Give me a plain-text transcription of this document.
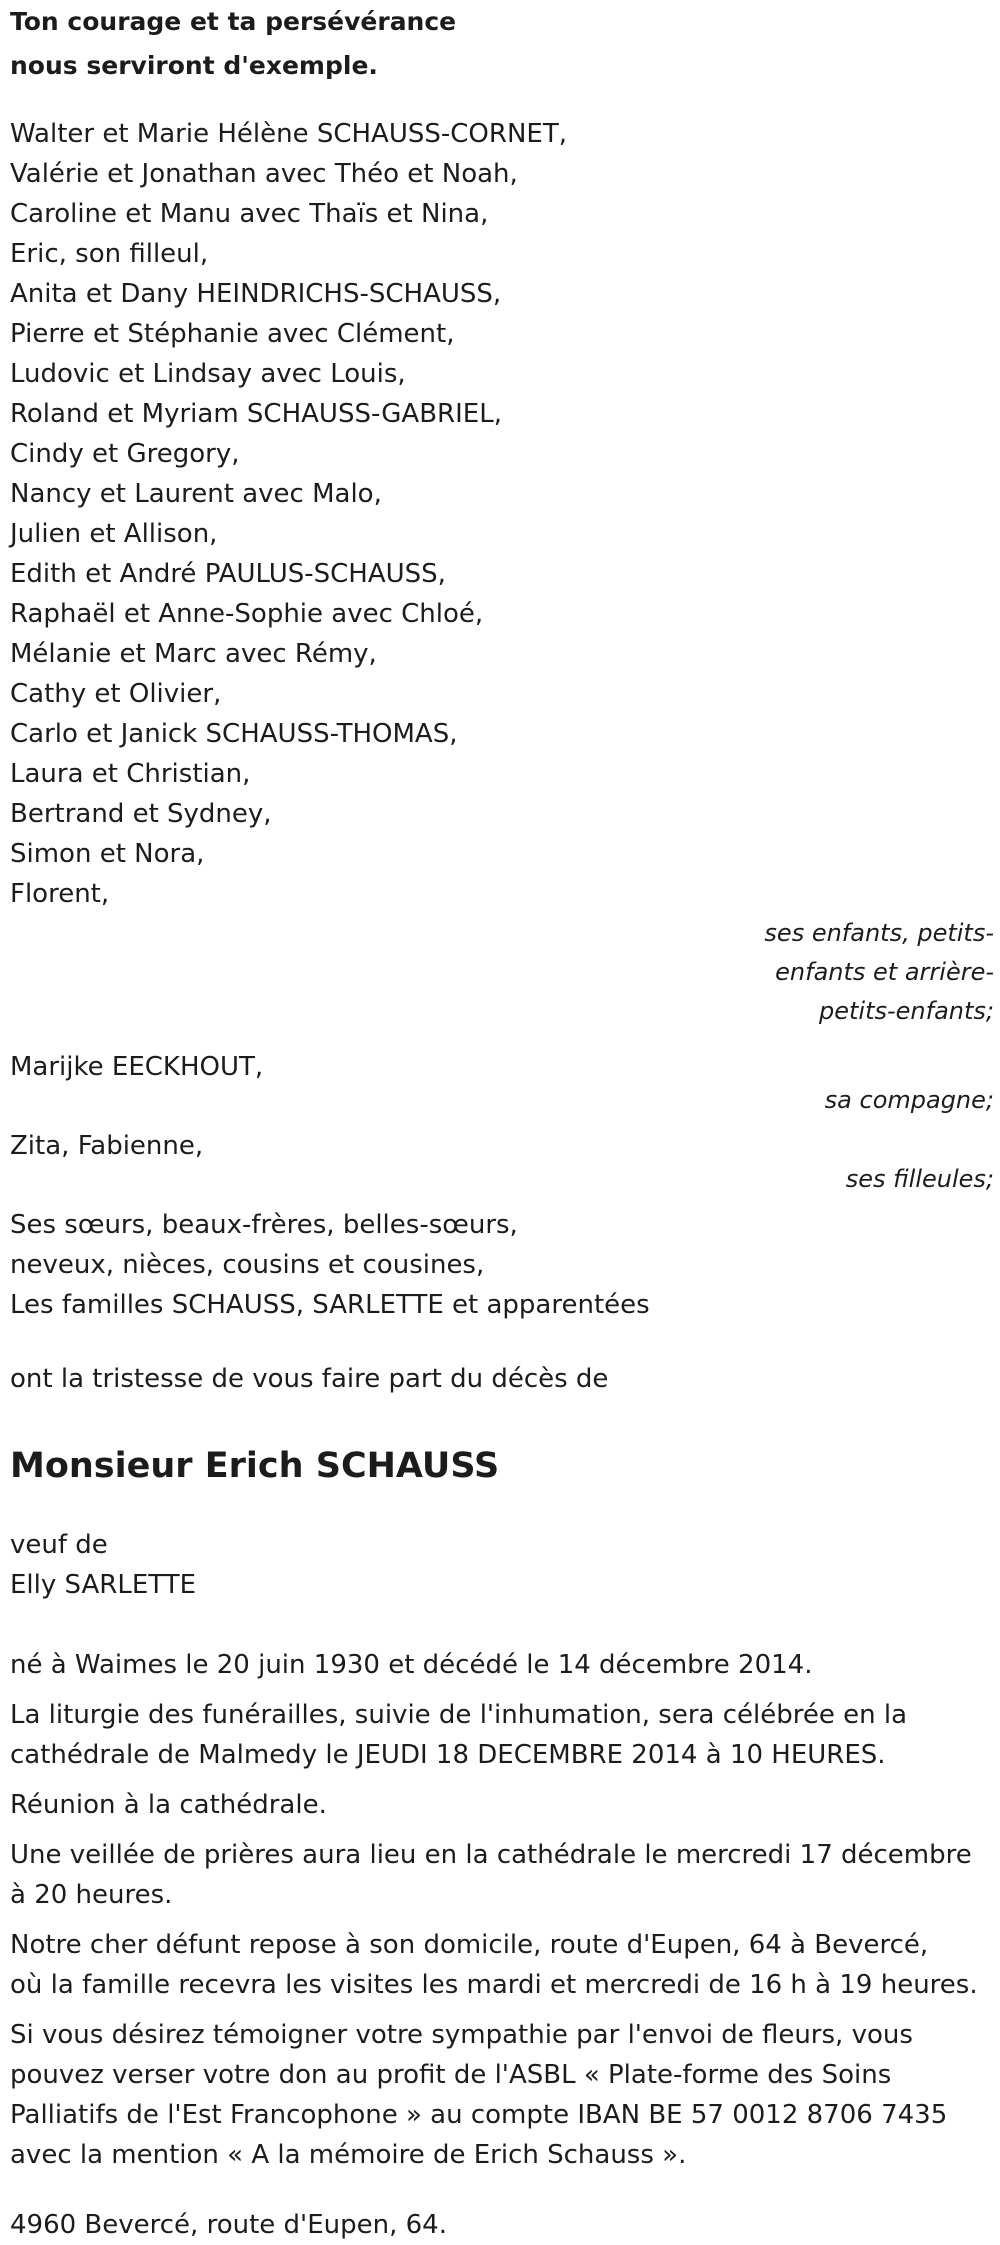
Ton courage et ta persévérance
nous serviront d'exemple.
Walter et Marie Hélène SCHAUSS-CORNET,
Valérie et Jonathan avec Théo et Noah,
Caroline et Manu avec Thaïs et Nina,
Eric, son filleul,
Anita et Dany HEINDRICHS-SCHAUSS,
Pierre et Stéphanie avec Clément,
Ludovic et Lindsay avec Louis,
Roland et Myriam SCHAUSS-GABRIEL,
Cindy et Gregory,
Nancy et Laurent avec Malo,
Julien et Allison,
Edith et André PAULUS-SCHAUSS,
Raphaël et Anne-Sophie avec Chloé,
Mélanie et Marc avec Rémy,
Cathy et Olivier,
Carlo et Janick SCHAUSS-THOMAS,
Laura et Christian,
Bertrand et Sydney,
Simon et Nora,
Florent,
ses enfants, petits-
enfants et arrière-
petits-enfants;
Marijke EECKHOUT,
sa compagne;
Zita, Fabienne,
ses filleules;
Ses sœurs, beaux-frères, belles-sœurs,
neveux, nièces, cousins et cousines,
Les familles SCHAUSS, SARLETTE et apparentées
ont la tristesse de vous faire part du décès de
Monsieur Erich SCHAUSS
veuf de
Elly SARLETTE
né à Waimes le 20 juin 1930 et décédé le 14 décembre 2014.
La liturgie des funérailles, suivie de l'inhumation, sera célébrée en la
cathédrale de Malmedy le JEUDI 18 DECEMBRE 2014 à 10 HEURES.
Réunion à la cathédrale.
Une veillée de prières aura lieu en la cathédrale le mercredi 17 décembre
à 20 heures.
Notre cher défunt repose à son domicile, route d'Eupen, 64 à Bevercé,
où la famille recevra les visites les mardi et mercredi de 16 h à 19 heures.
Si vous désirez témoigner votre sympathie par l'envoi de fleurs, vous
pouvez verser votre don au profit de l'ASBL « Plate-forme des Soins
Palliatifs de l'Est Francophone » au compte IBAN BE 57 0012 8706 7435
avec la mention « A la mémoire de Erich Schauss ».
4960 Bevercé, route d'Eupen, 64.
